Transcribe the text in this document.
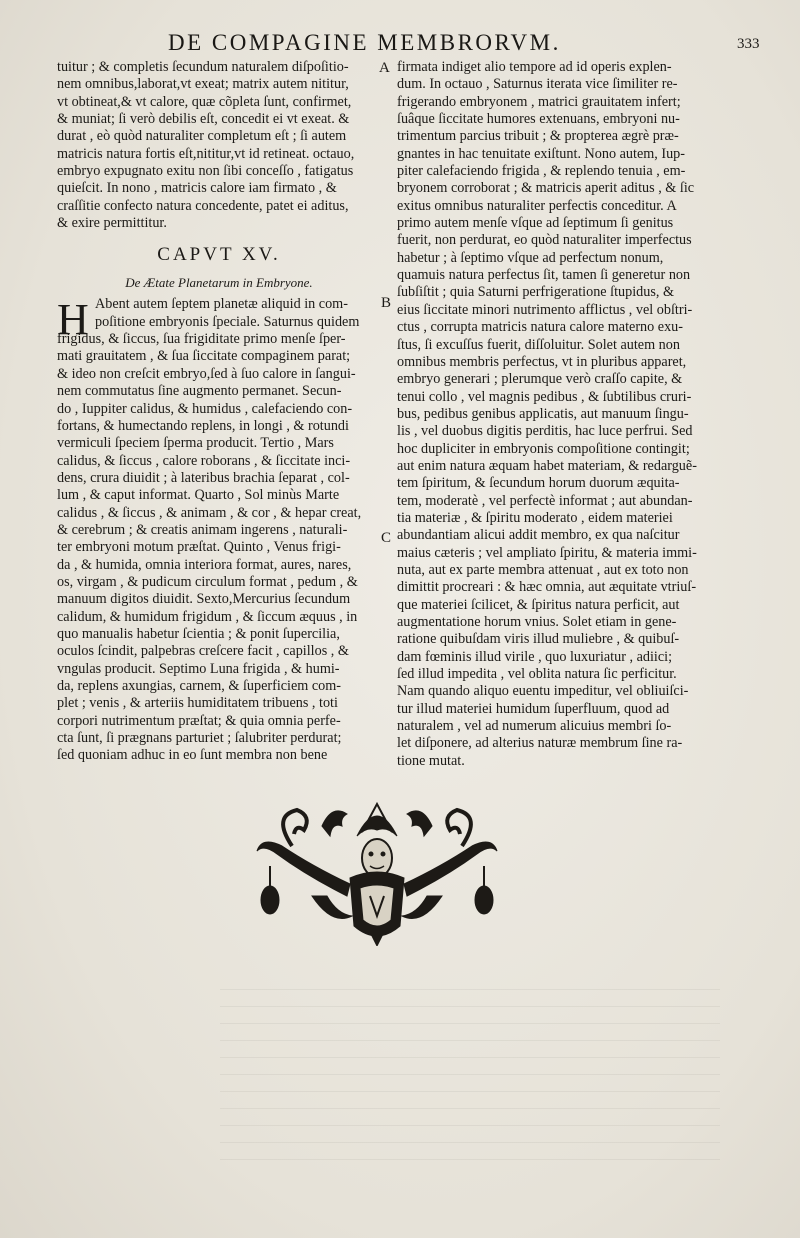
DE COMPAGINE MEMBRORVM.	333
A
B
C
tuitur ; & completis ſecundum naturalem diſpoſitio-
nem omnibus,laborat,vt exeat; matrix autem nititur,
vt obtineat,& vt calore, quæ cõpleta ſunt, confirmet,
& muniat; ſi verò debilis eſt, concedit ei vt exeat. &
durat , eò quòd naturaliter completum eſt ; ſi autem
matricis natura fortis eſt,nititur,vt id retineat. octauo,
embryo expugnato exitu non ſibi conceſſo , fatigatus
quieſcit. In nono , matricis calore iam firmato , &
craſſitie confecto natura concedente, patet ei aditus,
& exire permittitur.
CAPVT XV.
De Ætate Planetarum in Embryone.
H Abent autem ſeptem planetæ aliquid in com-
poſitione embryonis ſpeciale. Saturnus quidem
frigidus, & ſiccus, ſua frigiditate primo menſe ſper-
mati grauitatem , & ſua ſiccitate compaginem parat;
& ideo non creſcit embryo,ſed à ſuo calore in ſangui-
nem commutatus ſine augmento permanet. Secun-
do , Iuppiter calidus, & humidus , calefaciendo con-
fortans, & humectando replens, in longi , & rotundi
vermiculi ſpeciem ſperma producit. Tertio , Mars
calidus, & ſiccus , calore roborans , & ſiccitate inci-
dens, crura diuidit ; à lateribus brachia ſeparat , col-
lum , & caput informat. Quarto , Sol minùs Marte
calidus , & ſiccus , & animam , & cor , & hepar creat,
& cerebrum ; & creatis animam ingerens , naturali-
ter embryoni motum præſtat. Quinto , Venus frigi-
da , & humida, omnia interiora format, aures, nares,
os, virgam , & pudicum circulum format , pedum , &
manuum digitos diuidit. Sexto,Mercurius ſecundum
calidum, & humidum frigidum , & ſiccum æquus , in
quo manualis habetur ſcientia ; & ponit ſupercilia,
oculos ſcindit, palpebras creſcere facit , capillos , &
vngulas producit. Septimo Luna frigida , & humi-
da, replens axungias, carnem, & ſuperficiem com-
plet ; venis , & arteriis humiditatem tribuens , toti
corpori nutrimentum præſtat; & quia omnia perfe-
cta ſunt, ſi prægnans parturiet ; ſalubriter perdurat;
ſed quoniam adhuc in eo ſunt membra non bene
firmata indiget alio tempore ad id operis explen-
dum. In octauo , Saturnus iterata vice ſimiliter re-
frigerando embryonem , matrici grauitatem infert;
ſuâque ſiccitate humores extenuans, embryoni nu-
trimentum parcius tribuit ; & propterea ægrè præ-
gnantes in hac tenuitate exiſtunt. Nono autem, Iup-
piter calefaciendo frigida , & replendo tenuia , em-
bryonem corroborat ; & matricis aperit aditus , & ſic
exitus omnibus naturaliter perfectis conceditur. A
primo autem menſe vſque ad ſeptimum ſi genitus
fuerit, non perdurat, eo quòd naturaliter imperfectus
habetur ; à ſeptimo vſque ad perfectum nonum,
quamuis natura perfectus ſit, tamen ſi generetur non
ſubſiſtit ; quia Saturni perfrigeratione ſtupidus, &
eius ſiccitate minori nutrimento afflictus , vel obſtri-
ctus , corrupta matricis natura calore materno exu-
ſtus, ſi excuſſus fuerit, diſſoluitur. Solet autem non
omnibus membris perfectus, vt in pluribus apparet,
embryo generari ; plerumque verò craſſo capite, &
tenui collo , vel magnis pedibus , & ſubtilibus cruri-
bus, pedibus genibus applicatis, aut manuum ſingu-
lis , vel duobus digitis perditis, hac luce perfrui. Sed
hoc dupliciter in embryonis compoſitione contingit;
aut enim natura æquam habet materiam, & redarguẽ-
tem ſpiritum, & ſecundum horum duorum æquita-
tem, moderatè , vel perfectè informat ; aut abundan-
tia materiæ , & ſpiritu moderato , eidem materiei
abundantiam alicui addit membro, ex qua naſcitur
maius cæteris ; vel ampliato ſpiritu, & materia immi-
nuta, aut ex parte membra attenuat , aut ex toto non
dimittit procreari : & hæc omnia, aut æquitate vtriuſ-
que materiei ſcilicet, & ſpiritus natura perficit, aut
augmentatione horum vnius. Solet etiam in gene-
ratione quibuſdam viris illud muliebre , & quibuſ-
dam fœminis illud virile , quo luxuriatur , adiici;
ſed illud impedita , vel oblita natura ſic perficitur.
Nam quando aliquo euentu impeditur, vel obliuiſci-
tur illud materiei humidum ſuperfluum, quod ad
naturalem , vel ad numerum alicuius membri ſo-
let diſponere, ad alterius naturæ membrum ſine ra-
tione mutat.
